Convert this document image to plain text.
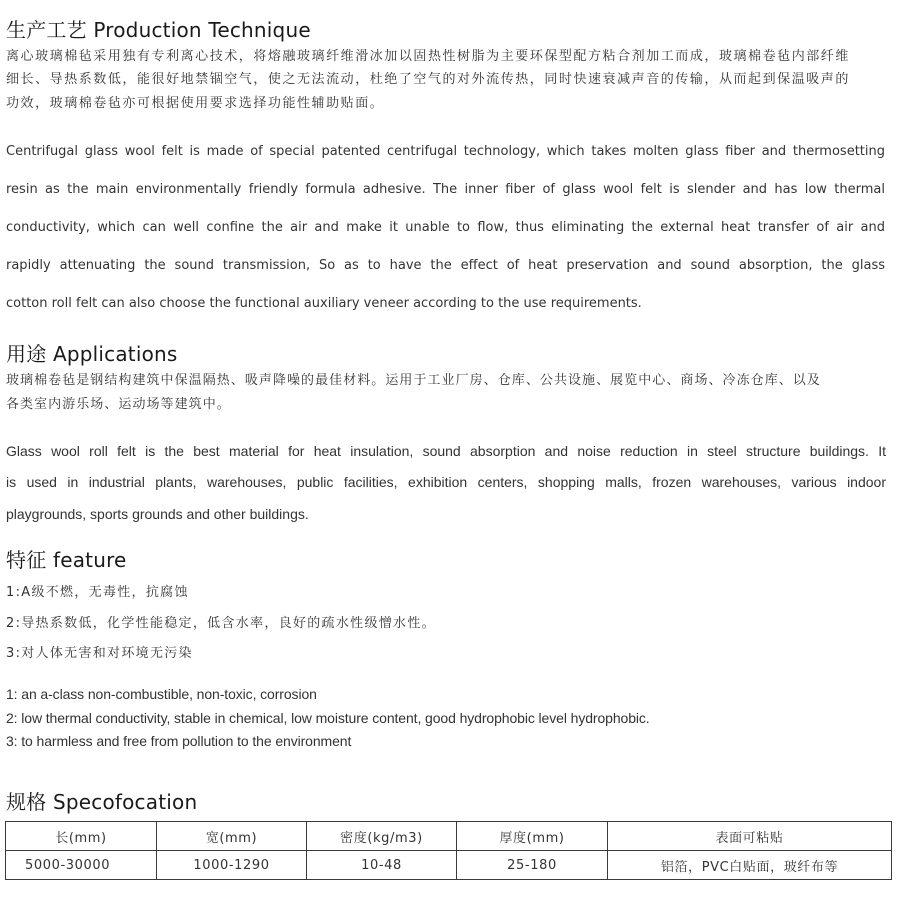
生产工艺 Production Technique
离心玻璃棉毡采用独有专利离心技术，将熔融玻璃纤维滑冰加以固热性树脂为主要环保型配方粘合剂加工而成，玻璃棉卷毡内部纤维
细长、导热系数低，能很好地禁锢空气，使之无法流动，杜绝了空气的对外流传热，同时快速衰减声音的传输，从而起到保温吸声的
功效，玻璃棉卷毡亦可根据使用要求选择功能性辅助贴面。
Centrifugal glass wool felt is made of special patented centrifugal technology, which takes molten glass fiber and thermosetting
resin as the main environmentally friendly formula adhesive. The inner fiber of glass wool felt is slender and has low thermal
conductivity, which can well confine the air and make it unable to flow, thus eliminating the external heat transfer of air and
rapidly attenuating the sound transmission, So as to have the effect of heat preservation and sound absorption, the glass
cotton roll felt can also choose the functional auxiliary veneer according to the use requirements.
用途 Applications
玻璃棉卷毡是钢结构建筑中保温隔热、吸声降噪的最佳材料。运用于工业厂房、仓库、公共设施、展览中心、商场、冷冻仓库、以及
各类室内游乐场、运动场等建筑中。
Glass wool roll felt is the best material for heat insulation, sound absorption and noise reduction in steel structure buildings. It
is used in industrial plants, warehouses, public facilities, exhibition centers, shopping malls, frozen warehouses, various indoor
playgrounds, sports grounds and other buildings.
特征 feature
1:A级不燃，无毒性，抗腐蚀
2:导热系数低，化学性能稳定，低含水率，良好的疏水性级憎水性。
3:对人体无害和对环境无污染
1: an a-class non-combustible, non-toxic, corrosion
2: low thermal conductivity, stable in chemical, low moisture content, good hydrophobic level hydrophobic.
3: to harmless and free from pollution to the environment
规格 Specofocation
长(mm)	宽(mm)	密度(kg/m3)	厚度(mm)	表面可粘贴
5000-30000	1000-1290	10-48	25-180	铝箔，PVC白贴面，玻纤布等
